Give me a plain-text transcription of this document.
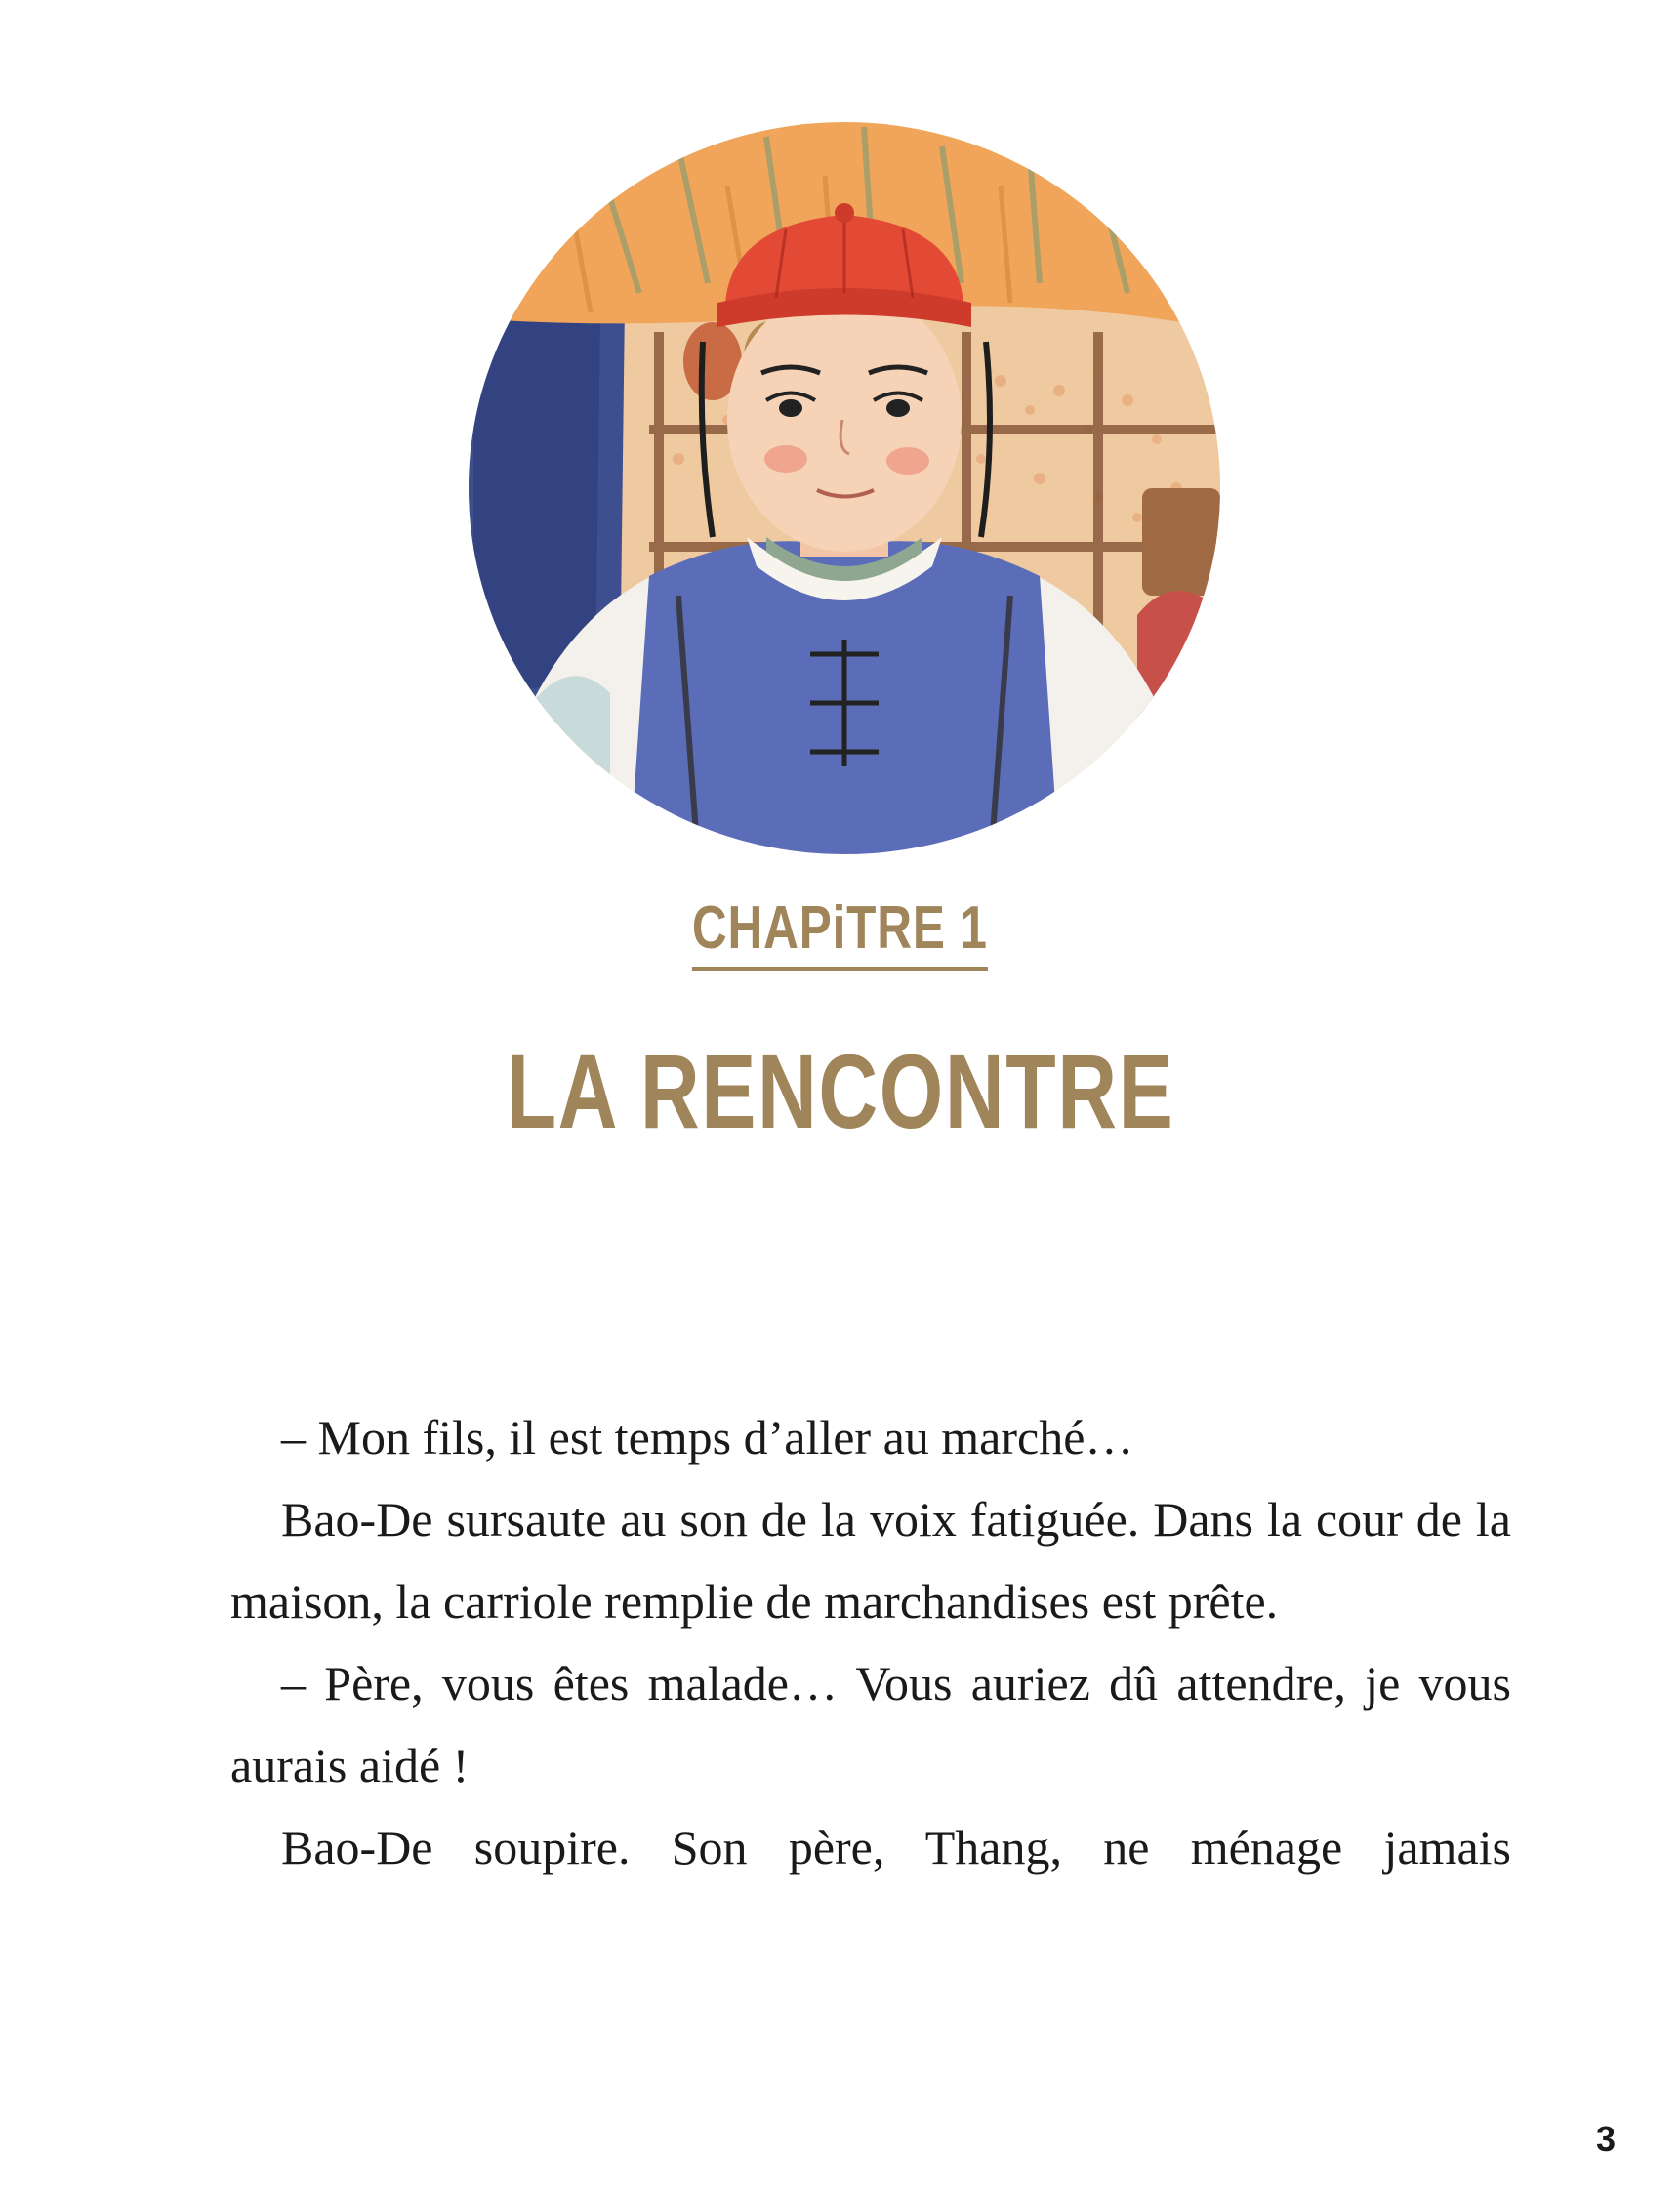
CHAPiTRE 1
LA RENCONTRE

– Mon fils, il est temps d’aller au marché…

Bao-De sursaute au son de la voix fatiguée. Dans la cour de la maison, la carriole remplie de marchandises est prête.

– Père, vous êtes malade… Vous auriez dû attendre, je vous aurais aidé !

Bao-De soupire. Son père, Thang, ne ménage jamais

3
